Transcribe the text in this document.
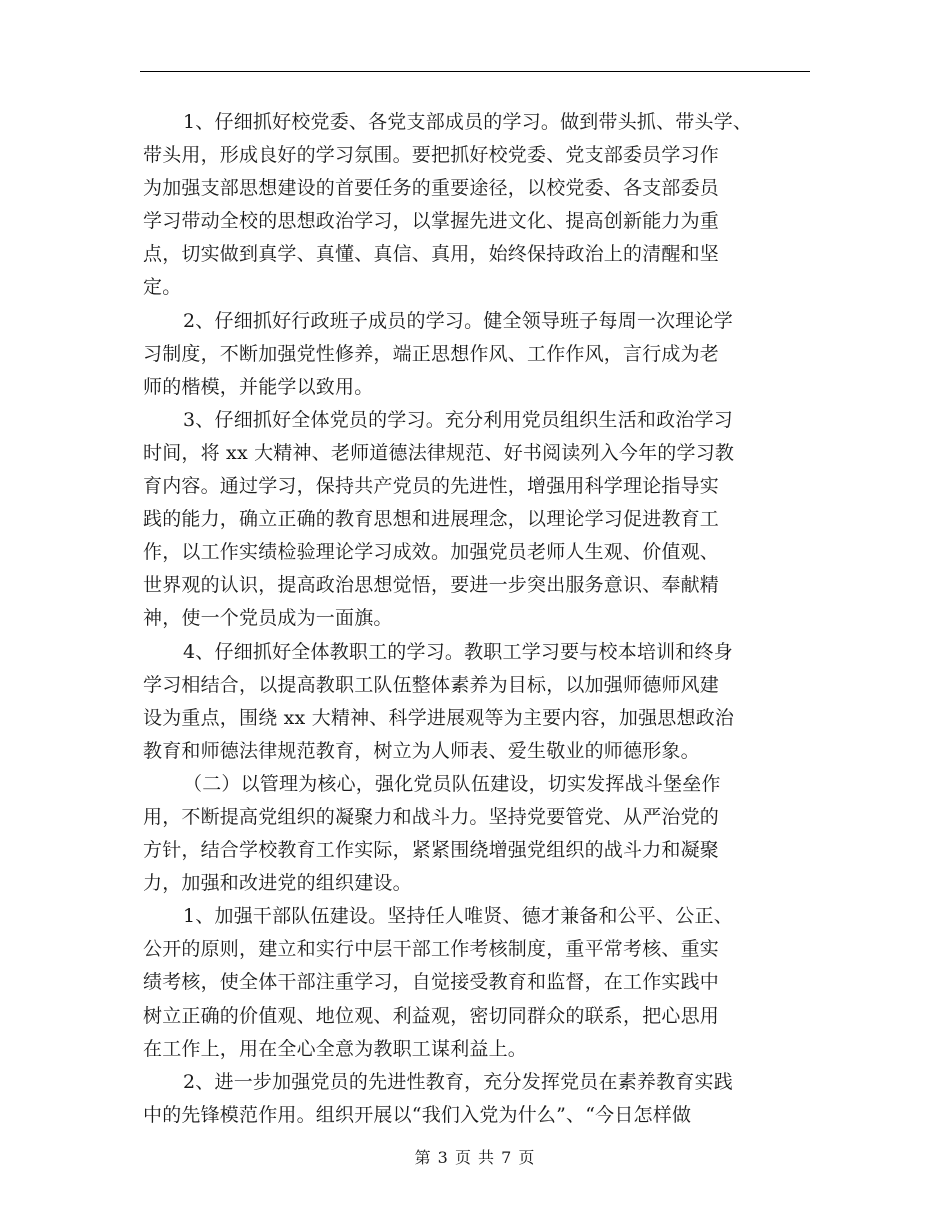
1、仔细抓好校党委、各党支部成员的学习。做到带头抓、带头学、
带头用，形成良好的学习氛围。要把抓好校党委、党支部委员学习作
为加强支部思想建设的首要任务的重要途径，以校党委、各支部委员
学习带动全校的思想政治学习，以掌握先进文化、提高创新能力为重
点，切实做到真学、真懂、真信、真用，始终保持政治上的清醒和坚
定。
2、仔细抓好行政班子成员的学习。健全领导班子每周一次理论学
习制度，不断加强党性修养，端正思想作风、工作作风，言行成为老
师的楷模，并能学以致用。
3、仔细抓好全体党员的学习。充分利用党员组织生活和政治学习
时间，将 xx 大精神、老师道德法律规范、好书阅读列入今年的学习教
育内容。通过学习，保持共产党员的先进性，增强用科学理论指导实
践的能力，确立正确的教育思想和进展理念，以理论学习促进教育工
作，以工作实绩检验理论学习成效。加强党员老师人生观、价值观、
世界观的认识，提高政治思想觉悟，要进一步突出服务意识、奉献精
神，使一个党员成为一面旗。
4、仔细抓好全体教职工的学习。教职工学习要与校本培训和终身
学习相结合，以提高教职工队伍整体素养为目标，以加强师德师风建
设为重点，围绕 xx 大精神、科学进展观等为主要内容，加强思想政治
教育和师德法律规范教育，树立为人师表、爱生敬业的师德形象。
（二）以管理为核心，强化党员队伍建设，切实发挥战斗堡垒作
用，不断提高党组织的凝聚力和战斗力。坚持党要管党、从严治党的
方针，结合学校教育工作实际，紧紧围绕增强党组织的战斗力和凝聚
力，加强和改进党的组织建设。
1、加强干部队伍建设。坚持任人唯贤、德才兼备和公平、公正、
公开的原则，建立和实行中层干部工作考核制度，重平常考核、重实
绩考核，使全体干部注重学习，自觉接受教育和监督，在工作实践中
树立正确的价值观、地位观、利益观，密切同群众的联系，把心思用
在工作上，用在全心全意为教职工谋利益上。
2、进一步加强党员的先进性教育，充分发挥党员在素养教育实践
中的先锋模范作用。组织开展以“我们入党为什么”、“今日怎样做
第 3 页 共 7 页
